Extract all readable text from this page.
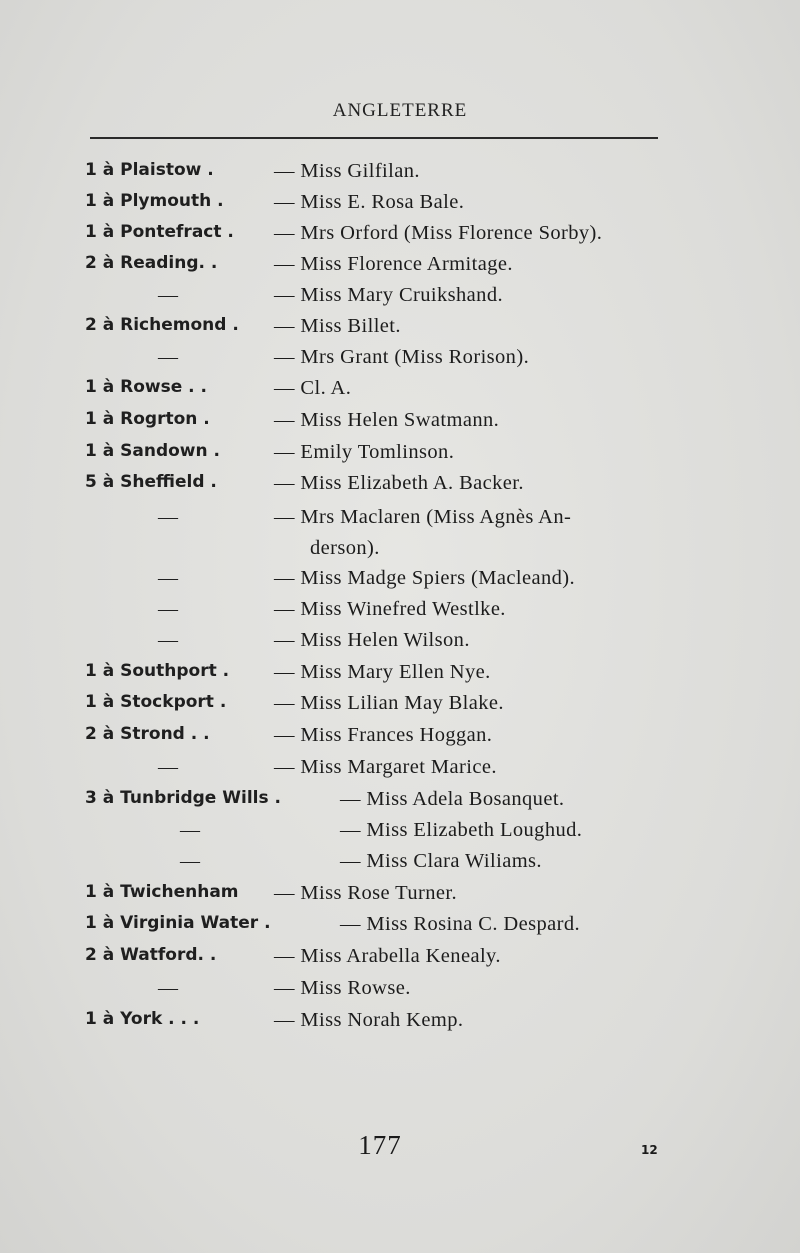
ANGLETERRE
1 à Plaistow .	— Miss Gilfilan.
1 à Plymouth . — Miss E. Rosa Bale.
1 à Pontefract . — Mrs Orford (Miss Florence Sorby).
2 à Reading. .	— Miss Florence Armitage.
—	— Miss Mary Cruikshand.
2 à Richemond . — Miss Billet.
—	— Mrs Grant (Miss Rorison).
1 à Rowse . .	— Cl. A.
1 à Rogrton .	— Miss Helen Swatmann.
1 à Sandown .	— Emily Tomlinson.
5 à Sheffield .	— Miss Elizabeth A. Backer.
—	— Mrs Maclaren (Miss Agnès An-
derson).
—	— Miss Madge Spiers (Macleand).
—	— Miss Winefred Westlke.
—	— Miss Helen Wilson.
1 à Southport . — Miss Mary Ellen Nye.
1 à Stockport . — Miss Lilian May Blake.
2 à Strond . .	— Miss Frances Hoggan.
—	— Miss Margaret Marice.
3 à Tunbridge Wills .	— Miss Adela Bosanquet.
—	— Miss Elizabeth Loughud.
—	— Miss Clara Wiliams.
1 à Twichenham — Miss Rose Turner.
1 à Virginia Water .	— Miss Rosina C. Despard.
2 à Watford. .	— Miss Arabella Kenealy.
—	— Miss Rowse.
1 à York . . .	— Miss Norah Kemp.
177	12
